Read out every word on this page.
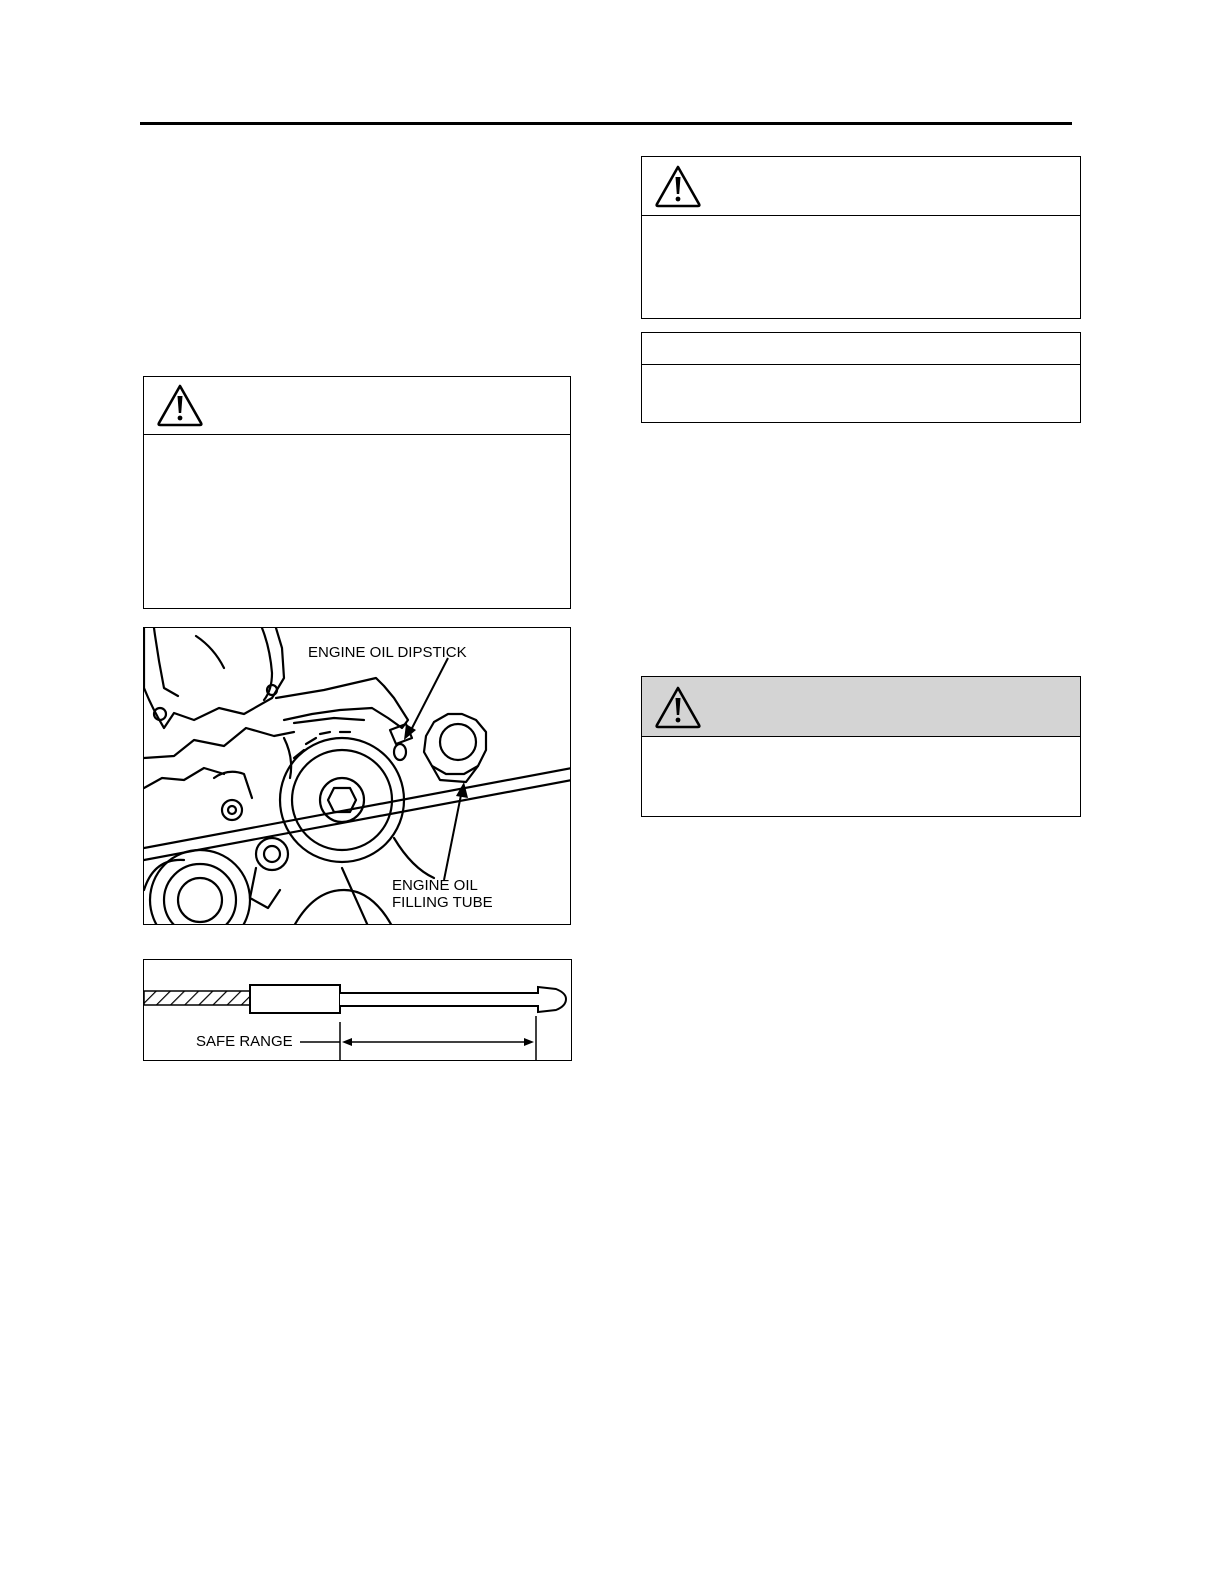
ENGINE OIL DIPSTICK
ENGINE OIL
FILLING TUBE
SAFE RANGE
